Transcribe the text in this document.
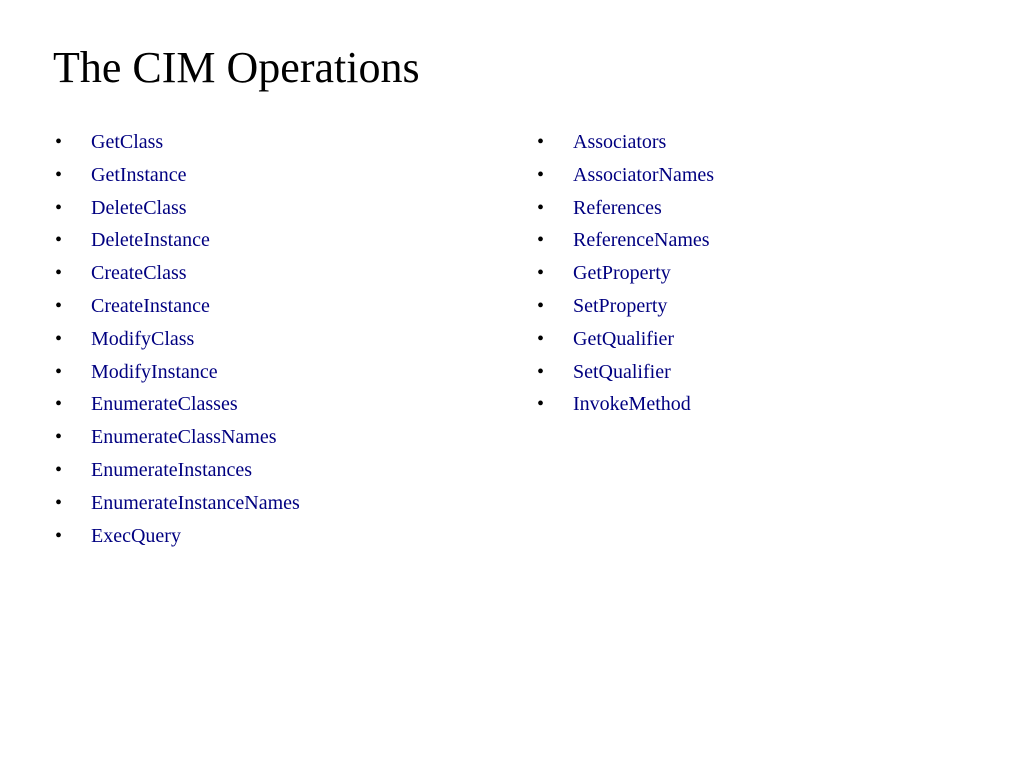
The CIM Operations
• GetClass
• GetInstance
• DeleteClass
• DeleteInstance
• CreateClass
• CreateInstance
• ModifyClass
• ModifyInstance
• EnumerateClasses
• EnumerateClassNames
• EnumerateInstances
• EnumerateInstanceNames
• ExecQuery
• Associators
• AssociatorNames
• References
• ReferenceNames
• GetProperty
• SetProperty
• GetQualifier
• SetQualifier
• InvokeMethod
